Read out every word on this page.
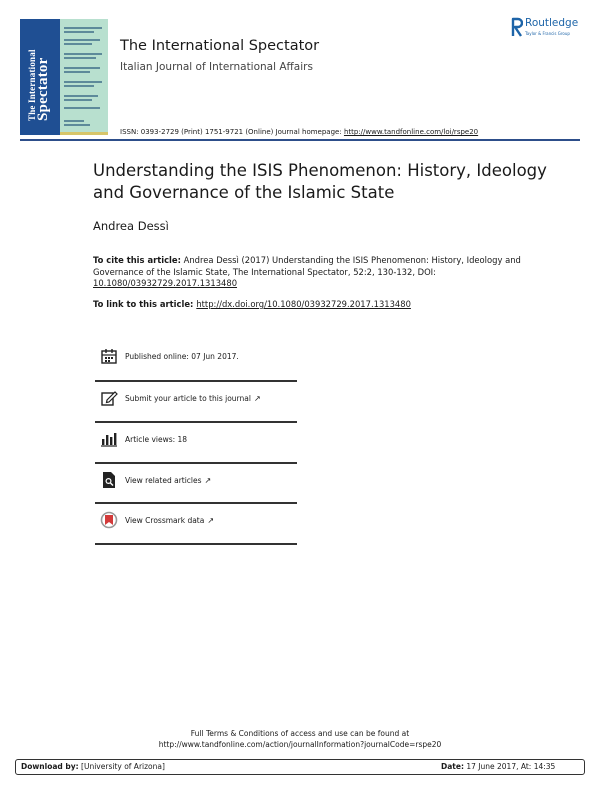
The International
Spectator
The International Spectator
Italian Journal of International Affairs
ISSN: 0393-2729 (Print) 1751-9721 (Online) Journal homepage: http://www.tandfonline.com/loi/rspe20
Routledge
Taylor & Francis Group
Understanding the ISIS Phenomenon: History, Ideology and Governance of the Islamic State
Andrea Dessì
To cite this article: Andrea Dessì (2017) Understanding the ISIS Phenomenon: History, Ideology and Governance of the Islamic State, The International Spectator, 52:2, 130-132, DOI: 10.1080/03932729.2017.1313480
To link to this article: http://dx.doi.org/10.1080/03932729.2017.1313480
Published online: 07 Jun 2017.
Submit your article to this journal ↗
Article views: 18
View related articles ↗
View Crossmark data ↗
Full Terms & Conditions of access and use can be found at
http://www.tandfonline.com/action/journalInformation?journalCode=rspe20
Download by: [University of Arizona]	Date: 17 June 2017, At: 14:35
